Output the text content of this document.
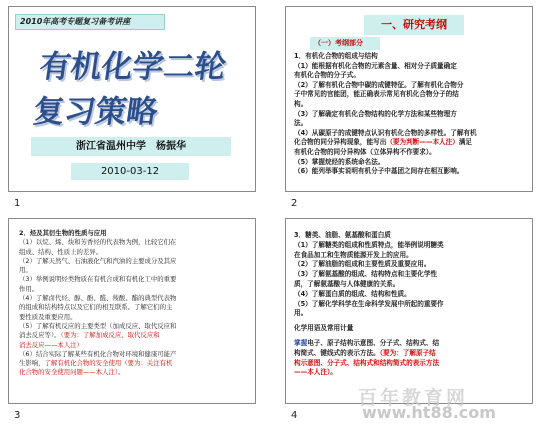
2010年高考专题复习备考讲座
有机化学二轮复习策略
浙江省温州中学　杨振华
2010-03-12
1
一、研究考纲
（一）考纲部分
1．有机化合物的组成与结构
（1）能根据有机化合物的元素含量、相对分子质量确定
有机化合物的分子式。
（2）了解有机化合物中碳的成键特征。了解有机化合物分
子中常见的官能团，能正确表示常见有机化合物分子的结
构。
（3）了解确定有机化合物结构的化学方法和某些物理方
法。
（4）从碳原子的成键特点认识有机化合物的多样性。了解有机
化合物的同分异构现象，能写出（要为判断——本人注）满足
有机化合物的同分异构体（立体异构不作要求）。
（5）掌握烷烃的系统命名法。
（6）能列举事实说明有机分子中基团之间存在相互影响。
2
2．烃及其衍生物的性质与应用
（1）以烷、烯、炔和芳香烃的代表物为例，比较它们在
组成、结构、性质上的差异。
（2）了解天然气、石油液化气和汽油的主要成分及其应
用。
（3）举例说明烃类物质在有机合成和有机化工中的重要
作用。
（4）了解卤代烃、醇、酚、醛、羧酸、酯的典型代表物
的组成和结构特点以及它们的相互联系。了解它们的主
要性质及重要应用。
（5）了解有机反应的主要类型（加成反应、取代反应和
消去反应等）。（要为：了解加成反应、取代反应和
消去反应——本人注）
（6）结合实际了解某些有机化合物对环境和健康可能产
生影响，了解有机化合物的安全使用（要为：关注有机
化合物的安全使用问题——本人注）。
3
3．糖类、油脂、氨基酸和蛋白质
（1）了解糖类的组成和性质特点，能举例说明糖类
在食品加工和生物质能源开发上的应用。
（2）了解油脂的组成和主要性质及重要应用。
（3）了解氨基酸的组成、结构特点和主要化学性
质，了解氨基酸与人体健康的关系。
（4）了解蛋白质的组成、结构和性质。
（5）了解化学科学在生命科学发展中所起的重要作
用。
化学用语及常用计量
掌握电子、原子结构示意图、分子式、结构式、结
构简式、键线式的表示方法。（要为：了解原子结
构示意图、分子式、结构式和结构简式的表示方法
——本人注）。
4
百年教育网
www.ht88.com
